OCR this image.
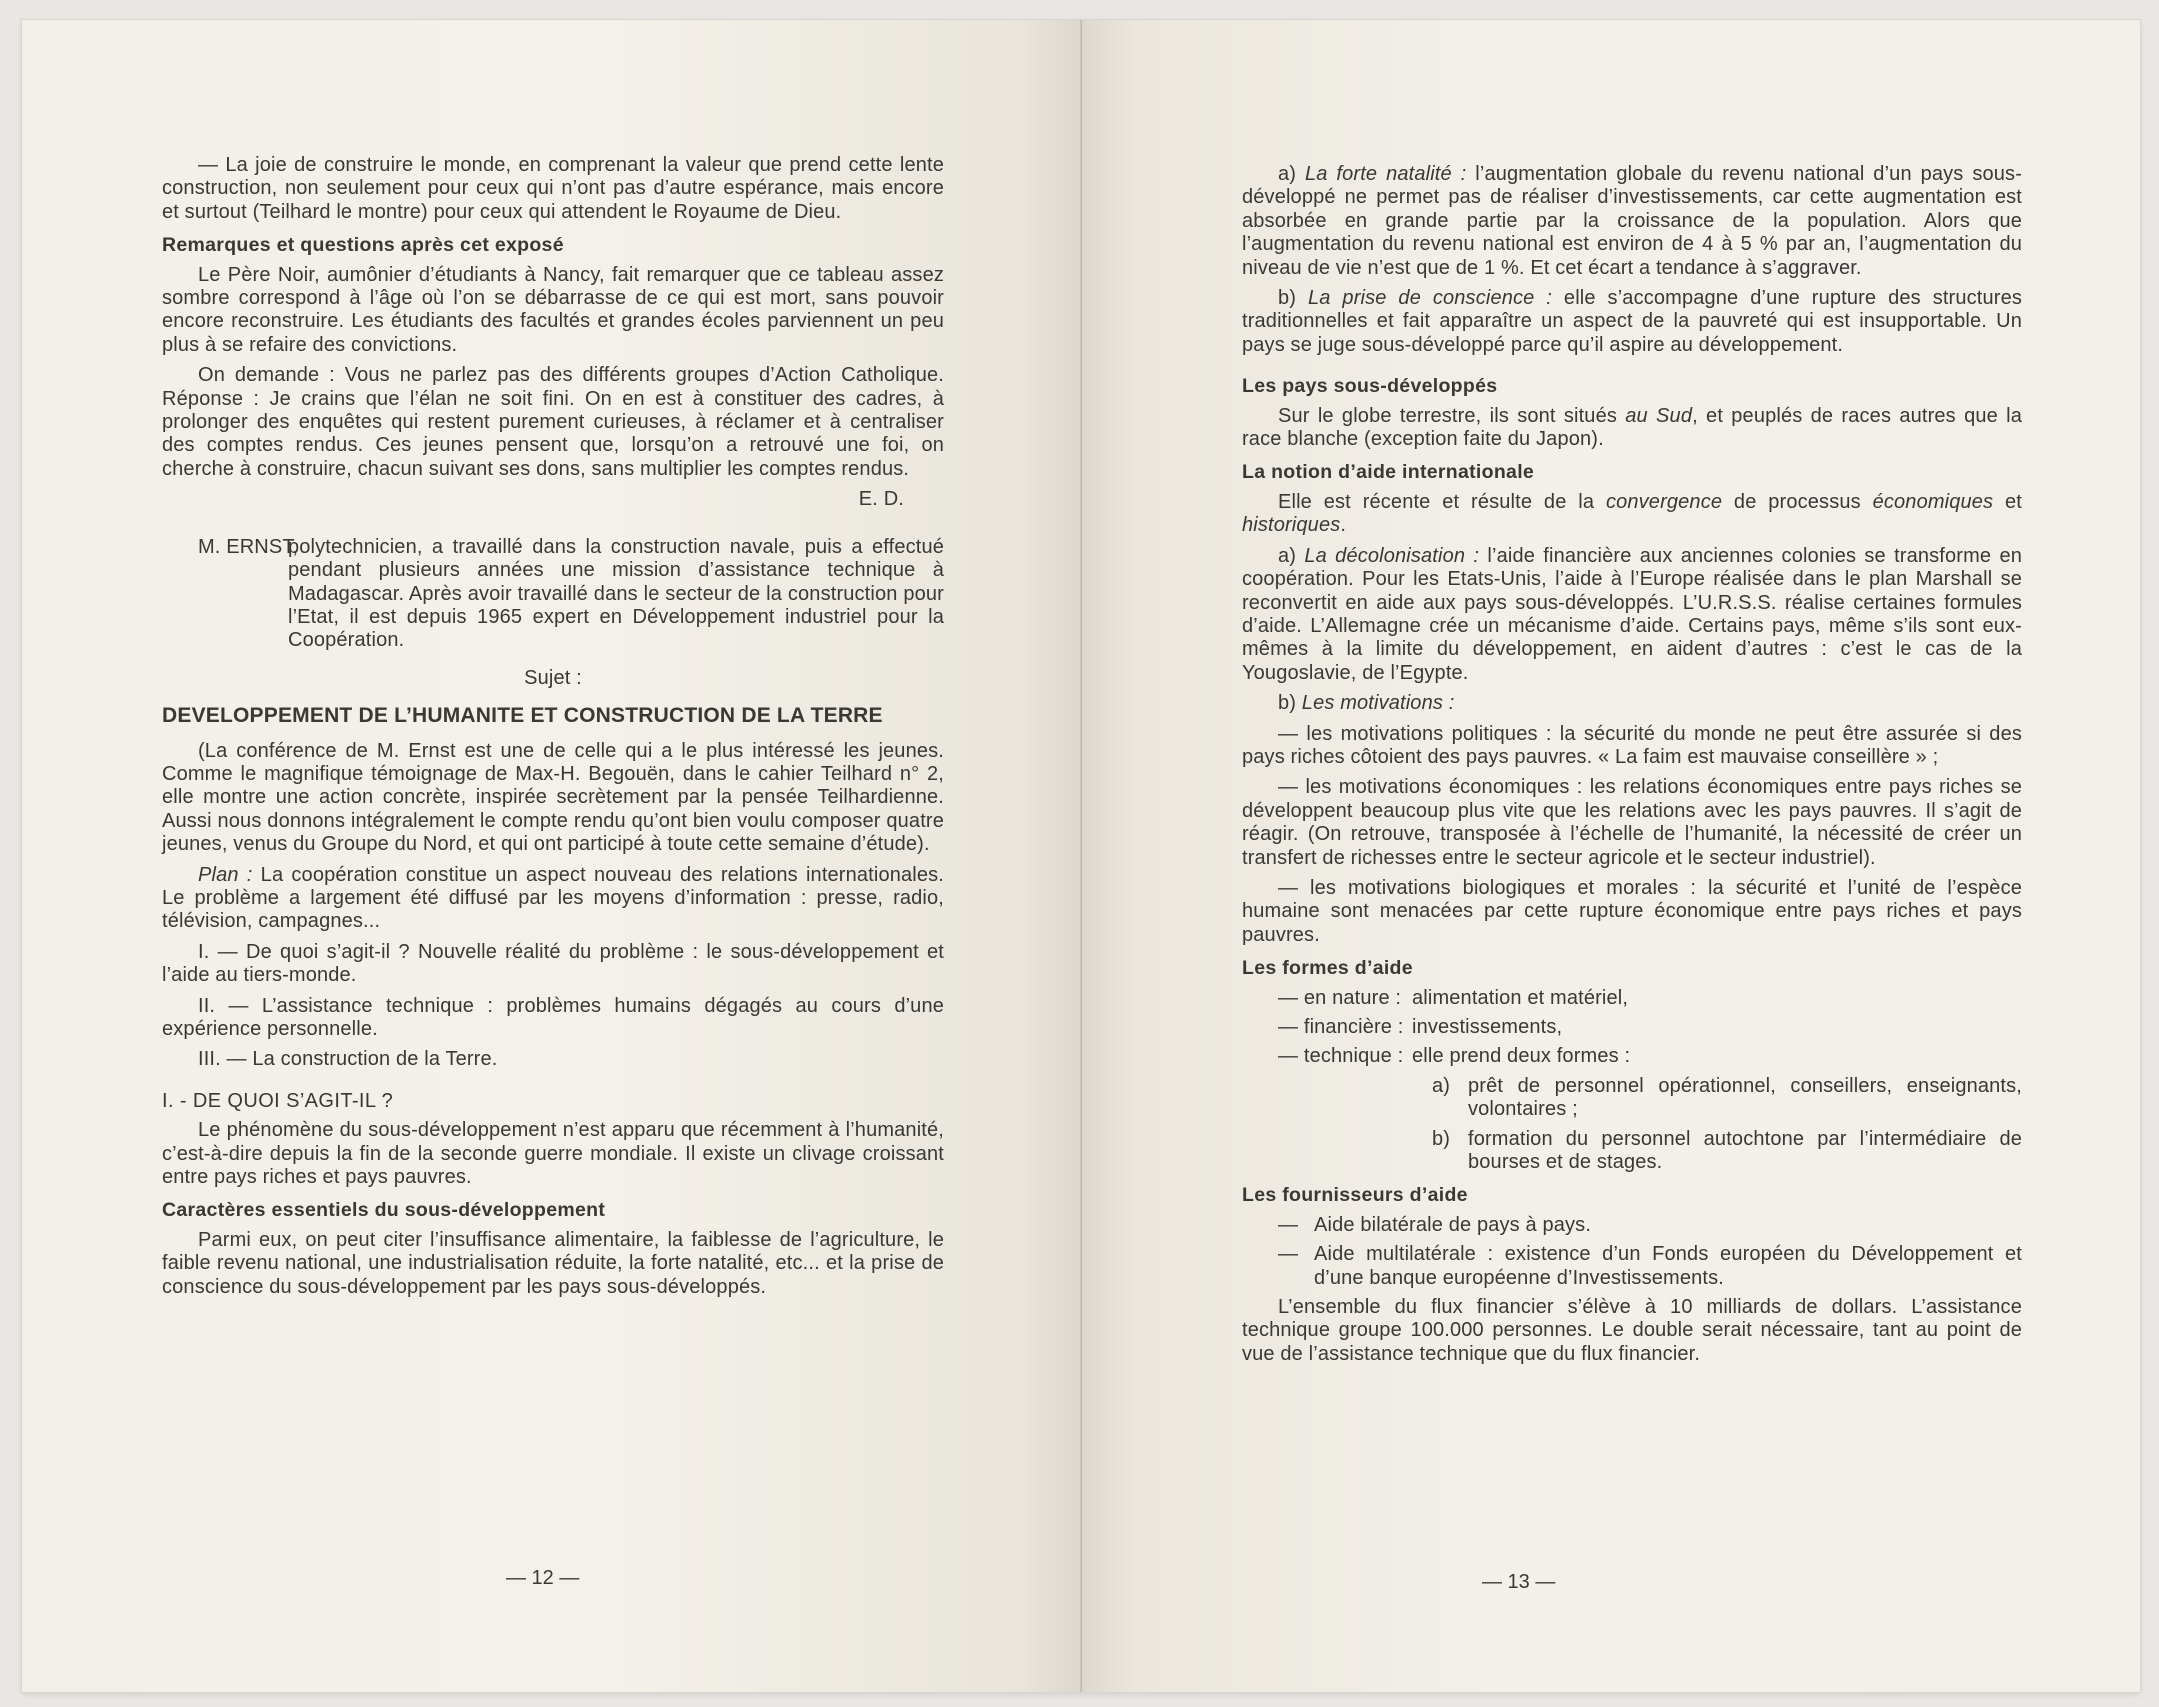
— La joie de construire le monde, en comprenant la valeur que prend cette lente construction, non seulement pour ceux qui n’ont pas d’autre espérance, mais encore et surtout (Teilhard le montre) pour ceux qui attendent le Royaume de Dieu.

Remarques et questions après cet exposé

Le Père Noir, aumônier d’étudiants à Nancy, fait remarquer que ce tableau assez sombre correspond à l’âge où l’on se débarrasse de ce qui est mort, sans pouvoir encore reconstruire. Les étudiants des facultés et grandes écoles parviennent un peu plus à se refaire des convictions.

On demande : Vous ne parlez pas des différents groupes d’Action Catholique. Réponse : Je crains que l’élan ne soit fini. On en est à constituer des cadres, à prolonger des enquêtes qui restent purement curieuses, à réclamer et à centraliser des comptes rendus. Ces jeunes pensent que, lorsqu’on a retrouvé une foi, on cherche à construire, chacun suivant ses dons, sans multiplier les comptes rendus.

E. D.
M. ERNST,
polytechnicien, a travaillé dans la construction navale, puis a effectué pendant plusieurs années une mission d’assistance technique à Madagascar. Après avoir travaillé dans le secteur de la construction pour l’Etat, il est depuis 1965 expert en Développement industriel pour la Coopération.
Sujet :
DEVELOPPEMENT DE L’HUMANITE ET CONSTRUCTION DE LA TERRE

(La conférence de M. Ernst est une de celle qui a le plus intéressé les jeunes. Comme le magnifique témoignage de Max-H. Begouën, dans le cahier Teilhard n° 2, elle montre une action concrète, inspirée secrètement par la pensée Teilhardienne. Aussi nous donnons intégralement le compte rendu qu’ont bien voulu composer quatre jeunes, venus du Groupe du Nord, et qui ont participé à toute cette semaine d’étude).

Plan : La coopération constitue un aspect nouveau des relations internationales. Le problème a largement été diffusé par les moyens d’information : presse, radio, télévision, campagnes...

I. — De quoi s’agit-il ? Nouvelle réalité du problème : le sous-développement et l’aide au tiers-monde.

II. — L’assistance technique : problèmes humains dégagés au cours d’une expérience personnelle.

III. — La construction de la Terre.

I. - DE QUOI S’AGIT-IL ?

Le phénomène du sous-développement n’est apparu que récemment à l’humanité, c’est-à-dire depuis la fin de la seconde guerre mondiale. Il existe un clivage croissant entre pays riches et pays pauvres.

Caractères essentiels du sous-développement

Parmi eux, on peut citer l’insuffisance alimentaire, la faiblesse de l’agriculture, le faible revenu national, une industrialisation réduite, la forte natalité, etc... et la prise de conscience du sous-développement par les pays sous-développés.

— 12 —

a) La forte natalité : l’augmentation globale du revenu national d’un pays sous-développé ne permet pas de réaliser d’investissements, car cette augmentation est absorbée en grande partie par la croissance de la population. Alors que l’augmentation du revenu national est environ de 4 à 5 % par an, l’augmentation du niveau de vie n’est que de 1 %. Et cet écart a tendance à s’aggraver.

b) La prise de conscience : elle s’accompagne d’une rupture des structures traditionnelles et fait apparaître un aspect de la pauvreté qui est insupportable. Un pays se juge sous-développé parce qu’il aspire au développement.

Les pays sous-développés

Sur le globe terrestre, ils sont situés au Sud, et peuplés de races autres que la race blanche (exception faite du Japon).

La notion d’aide internationale

Elle est récente et résulte de la convergence de processus économiques et historiques.

a) La décolonisation : l’aide financière aux anciennes colonies se transforme en coopération. Pour les Etats-Unis, l’aide à l’Europe réalisée dans le plan Marshall se reconvertit en aide aux pays sous-développés. L’U.R.S.S. réalise certaines formules d’aide. L’Allemagne crée un mécanisme d’aide. Certains pays, même s’ils sont eux-mêmes à la limite du développement, en aident d’autres : c’est le cas de la Yougoslavie, de l’Egypte.

b) Les motivations :

— les motivations politiques : la sécurité du monde ne peut être assurée si des pays riches côtoient des pays pauvres. « La faim est mauvaise conseillère » ;

— les motivations économiques : les relations économiques entre pays riches se développent beaucoup plus vite que les relations avec les pays pauvres. Il s’agit de réagir. (On retrouve, transposée à l’échelle de l’humanité, la nécessité de créer un transfert de richesses entre le secteur agricole et le secteur industriel).

— les motivations biologiques et morales : la sécurité et l’unité de l’espèce humaine sont menacées par cette rupture économique entre pays riches et pays pauvres.

Les formes d’aide
— en nature : alimentation et matériel,
— financière : investissements,
— technique : elle prend deux formes :
a) prêt de personnel opérationnel, conseillers, enseignants, volontaires ;
b) formation du personnel autochtone par l’intermédiaire de bourses et de stages.
Les fournisseurs d’aide
— Aide bilatérale de pays à pays.
— Aide multilatérale : existence d’un Fonds européen du Développement et d’une banque européenne d’Investissements.

L’ensemble du flux financier s’élève à 10 milliards de dollars. L’assistance technique groupe 100.000 personnes. Le double serait nécessaire, tant au point de vue de l’assistance technique que du flux financier.

— 13 —
